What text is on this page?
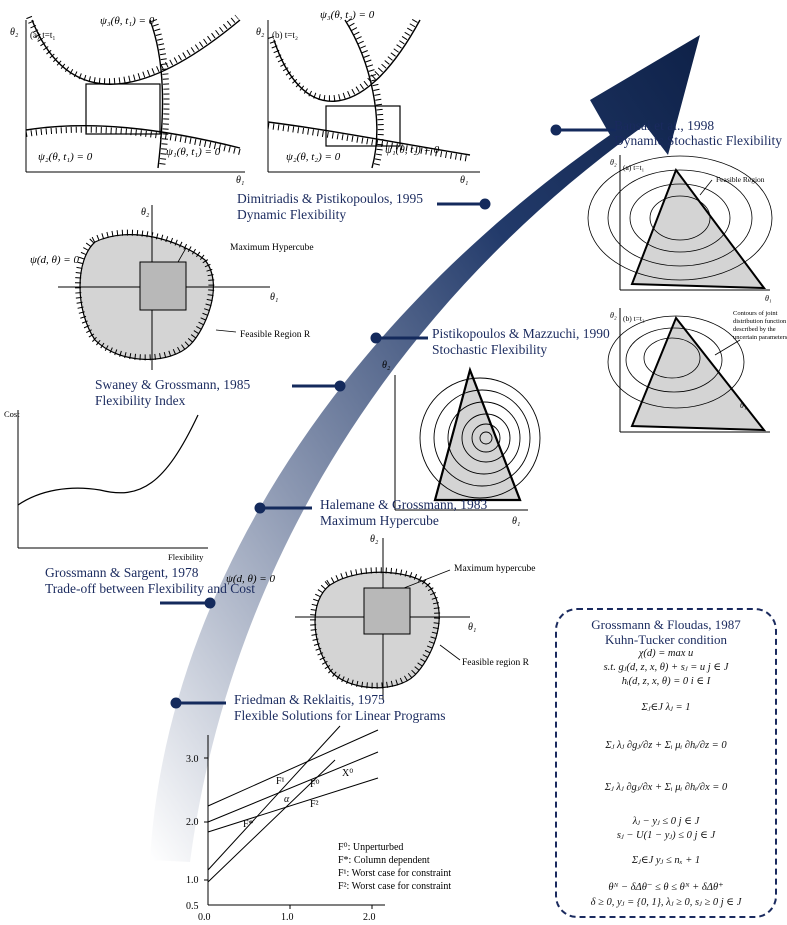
(a) t=t₁
θ₂
ψ₃(θ, t₁) = 0
ψ₂(θ, t₁) = 0	ψ₁(θ, t₁) = 0
θ₁
(b) t=t₂
θ₂
ψ₃(θ, t₂) = 0
ψ₂(θ, t₂) = 0
ψ₁(θ, t₂) = 0
θ₁
ψ(d, θ) = 0
Maximum Hypercube
Feasible Region R
θ₂
θ₁
Cost
Flexibility
θ₂
θ₁
ψ(d, θ) = 0
Maximum hypercube
Feasible region R
θ₂
θ₁
(a) t=t₁
θ₂
Feasible Region
θ₁
(b) t=t₂
θ₂	Contours of joint
distribution function
described by the
uncertain parameters
θ₁
3.0
2.0
1.0
0.5
0.0	1.0	2.0
F¹	F⁰
X⁰
α F²
F*
F⁰: Unperturbed
F*: Column dependent
F¹: Worst case for constraint
F²: Worst case for constraint
Bansal et al., 1998
Dynamic Stochastic Flexibility
Dimitriadis & Pistikopoulos, 1995
Dynamic Flexibility
Pistikopoulos & Mazzuchi, 1990
Stochastic Flexibility
Swaney & Grossmann, 1985
Flexibility Index
Halemane & Grossmann, 1983
Maximum Hypercube
Grossmann & Sargent, 1978
Trade-off between Flexibility and Cost
Friedman & Reklaitis, 1975
Flexible Solutions for Linear Programs
Grossmann & Floudas, 1987
Kuhn-Tucker condition
χ(d) = max u
s.t. gⱼ(d, z, x, θ) + sⱼ = u j ∈ J
hᵢ(d, z, x, θ) = 0 i ∈ I
Σⱼ∈J λⱼ = 1
Σⱼ λⱼ ∂gⱼ/∂z + Σᵢ μᵢ ∂hᵢ/∂z = 0
Σⱼ λⱼ ∂gⱼ/∂x + Σᵢ μᵢ ∂hᵢ/∂x = 0
λⱼ − yⱼ ≤ 0 j ∈ J
sⱼ − U(1 − yⱼ) ≤ 0 j ∈ J
Σⱼ∈J yⱼ ≤ nₓ + 1
θᴺ − δΔθ⁻ ≤ θ ≤ θᴺ + δΔθ⁺
δ ≥ 0, yⱼ = {0, 1}, λⱼ ≥ 0, sⱼ ≥ 0 j ∈ J
